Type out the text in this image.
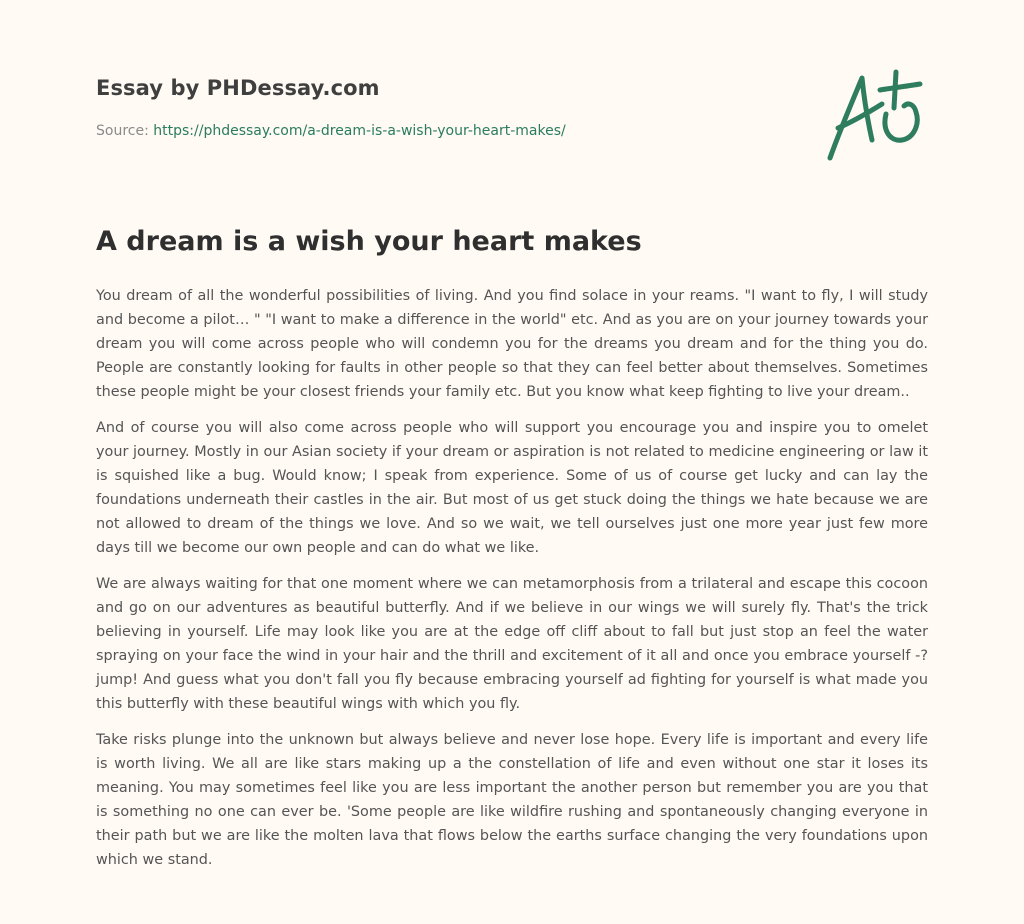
Essay by PHDessay.com
Source: https://phdessay.com/a-dream-is-a-wish-your-heart-makes/
A dream is a wish your heart makes

You dream of all the wonderful possibilities of living. And you find solace in your reams. "I want to fly, I will study and become a pilot… " "I want to make a difference in the world" etc. And as you are on your journey towards your dream you will come across people who will condemn you for the dreams you dream and for the thing you do. People are constantly looking for faults in other people so that they can feel better about themselves. Sometimes these people might be your closest friends your family etc. But you know what keep fighting to live your dream..

And of course you will also come across people who will support you encourage you and inspire you to omelet your journey. Mostly in our Asian society if your dream or aspiration is not related to medicine engineering or law it is squished like a bug. Would know; I speak from experience. Some of us of course get lucky and can lay the foundations underneath their castles in the air. But most of us get stuck doing the things we hate because we are not allowed to dream of the things we love. And so we wait, we tell ourselves just one more year just few more days till we become our own people and can do what we like.

We are always waiting for that one moment where we can metamorphosis from a trilateral and escape this cocoon and go on our adventures as beautiful butterfly. And if we believe in our wings we will surely fly. That's the trick believing in yourself. Life may look like you are at the edge off cliff about to fall but just stop an feel the water spraying on your face the wind in your hair and the thrill and excitement of it all and once you embrace yourself -? jump! And guess what you don't fall you fly because embracing yourself ad fighting for yourself is what made you this butterfly with these beautiful wings with which you fly.

Take risks plunge into the unknown but always believe and never lose hope. Every life is important and every life is worth living. We all are like stars making up a the constellation of life and even without one star it loses its meaning. You may sometimes feel like you are less important the another person but remember you are you that is something no one can ever be. 'Some people are like wildfire rushing and spontaneously changing everyone in their path but we are like the molten lava that flows below the earths surface changing the very foundations upon which we stand.
